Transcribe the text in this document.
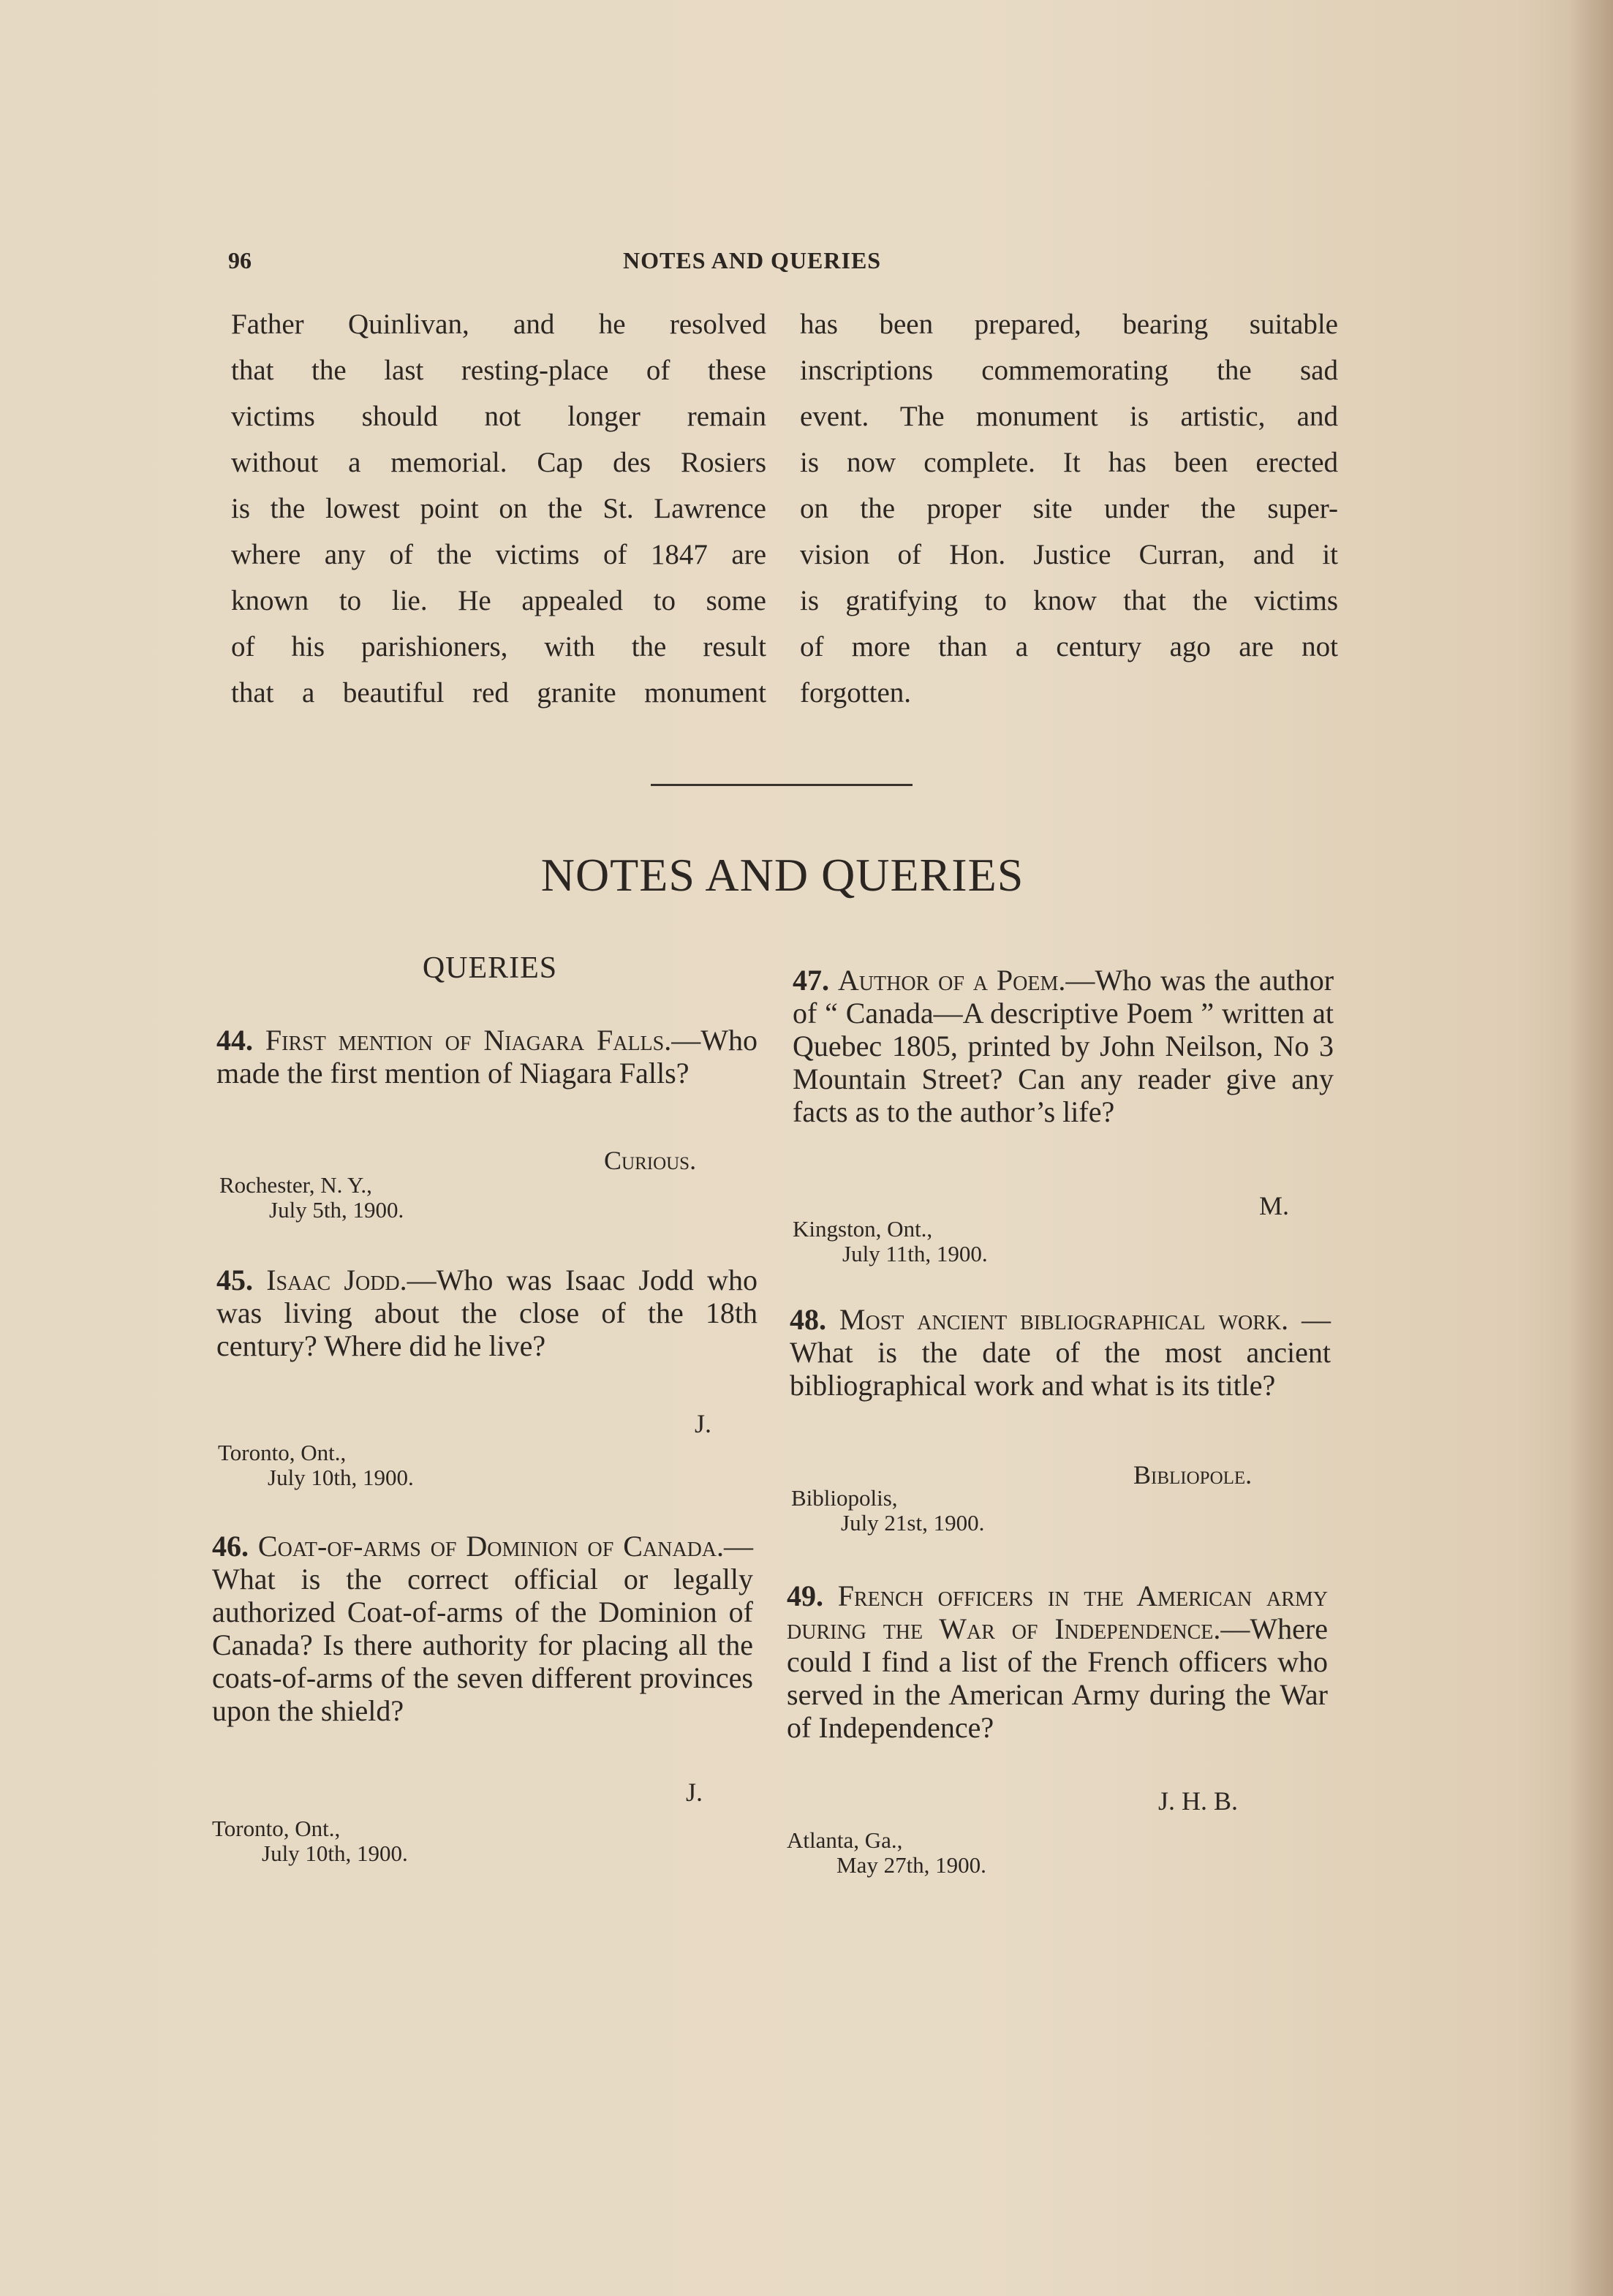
96	NOTES AND QUERIES
Father Quinlivan, and he resolved
that the last resting-place of these
victims should not longer remain
without a memorial. Cap des Rosiers
is the lowest point on the St. Lawrence
where any of the victims of 1847 are
known to lie. He appealed to some
of his parishioners, with the result
that a beautiful red granite monument
has been prepared, bearing suitable
inscriptions commemorating the sad
event. The monument is artistic, and
is now complete. It has been erected
on the proper site under the super-
vision of Hon. Justice Curran, and it
is gratifying to know that the victims
of more than a century ago are not
forgotten.
NOTES AND QUERIES
QUERIES
44. First mention of Niagara Falls.—Who made the first mention of Niagara Falls?
Curious.
Rochester, N. Y.,
July 5th, 1900.
45. Isaac Jodd.—Who was Isaac Jodd who was living about the close of the 18th century? Where did he live?
J.
Toronto, Ont.,
July 10th, 1900.
46. Coat-of-arms of Dominion of Canada.—What is the correct official or legally authorized Coat-of-arms of the Dominion of Canada? Is there authority for placing all the coats-of-arms of the seven different provinces upon the shield?
J.
Toronto, Ont.,
July 10th, 1900.
47. Author of a Poem.—Who was the author of “ Canada—A descriptive Poem ” written at Quebec 1805, printed by John Neilson, No 3 Mountain Street? Can any reader give any facts as to the author’s life?
M.
Kingston, Ont.,
July 11th, 1900.
48. Most ancient bibliographical work. — What is the date of the most ancient bibliographical work and what is its title?
Bibliopole.
Bibliopolis,
July 21st, 1900.
49. French officers in the American army during the War of Independence.—Where could I find a list of the French officers who served in the American Army during the War of Independence?
J. H. B.
Atlanta, Ga.,
May 27th, 1900.
